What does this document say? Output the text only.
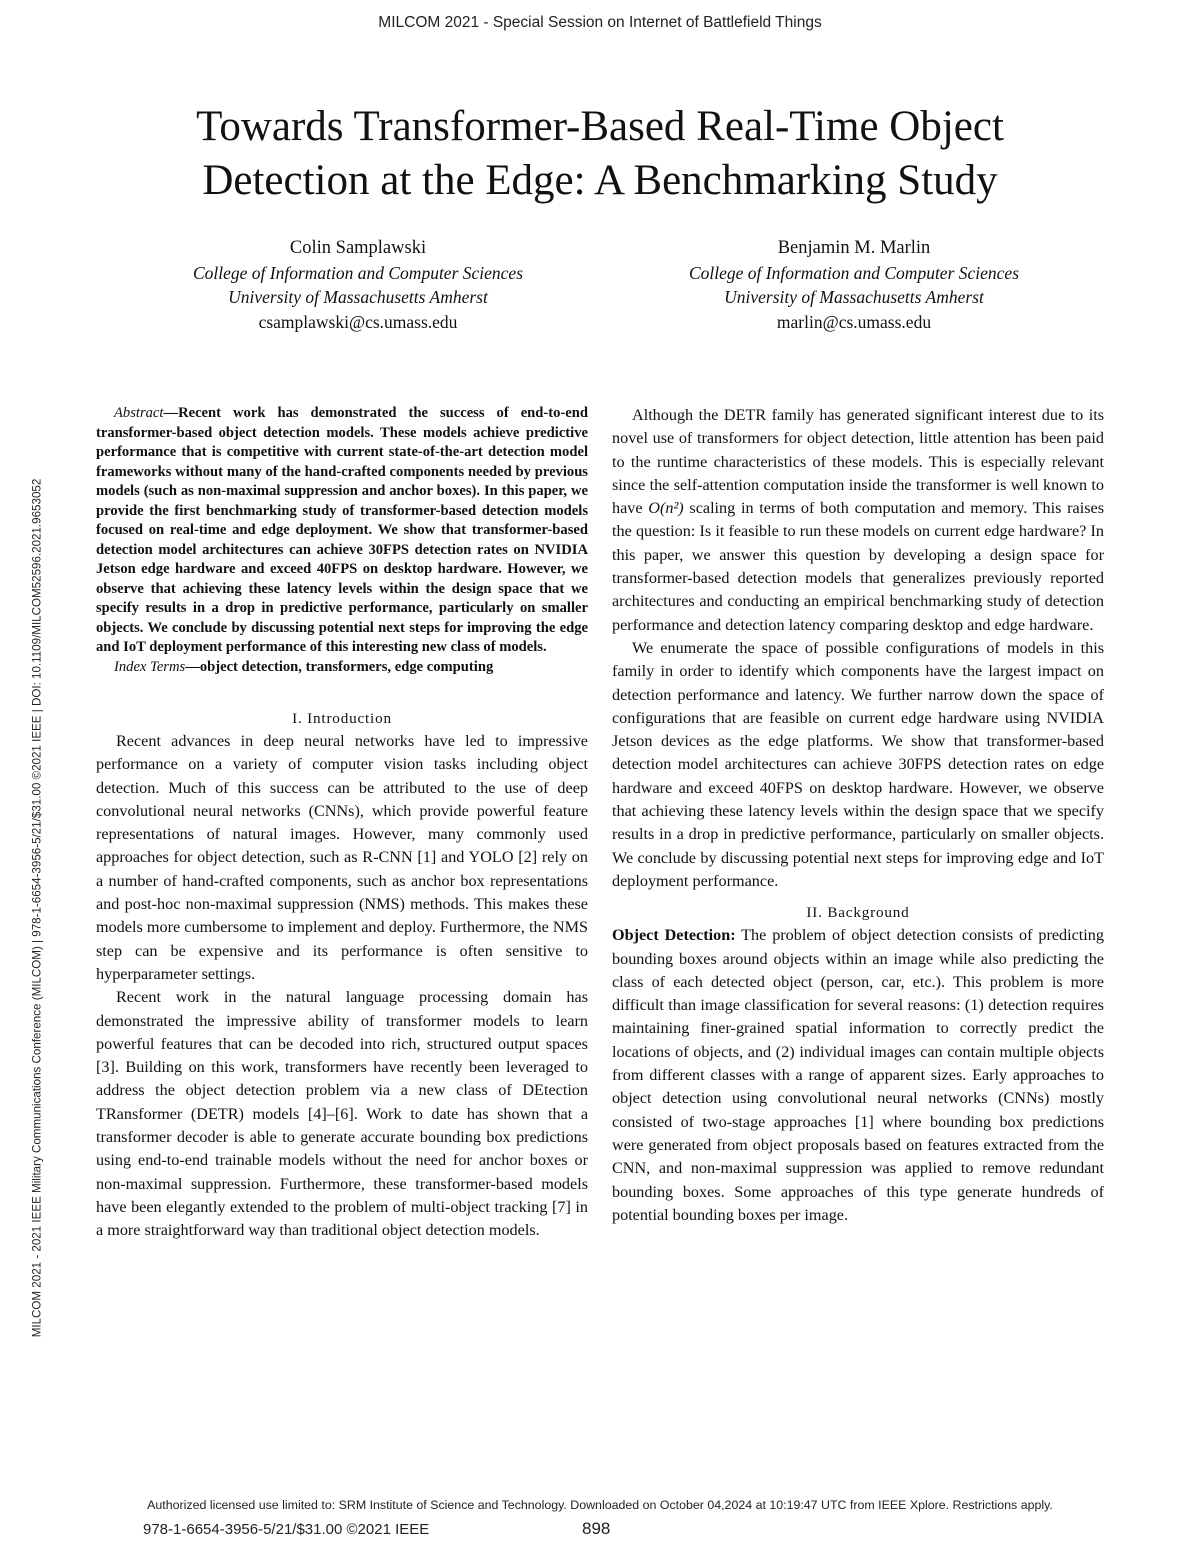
MILCOM 2021 - Special Session on Internet of Battlefield Things
Towards Transformer-Based Real-Time Object
Detection at the Edge: A Benchmarking Study
Colin Samplawski
College of Information and Computer Sciences
University of Massachusetts Amherst
csamplawski@cs.umass.edu
Benjamin M. Marlin
College of Information and Computer Sciences
University of Massachusetts Amherst
marlin@cs.umass.edu
MILCOM 2021 - 2021 IEEE Military Communications Conference (MILCOM) | 978-1-6654-3956-5/21/$31.00 ©2021 IEEE | DOI: 10.1109/MILCOM52596.2021.9653052

Abstract—Recent work has demonstrated the success of end-to-end transformer-based object detection models. These models achieve predictive performance that is competitive with current state-of-the-art detection model frameworks without many of the hand-crafted components needed by previous models (such as non-maximal suppression and anchor boxes). In this paper, we provide the first benchmarking study of transformer-based detection models focused on real-time and edge deployment. We show that transformer-based detection model architectures can achieve 30FPS detection rates on NVIDIA Jetson edge hardware and exceed 40FPS on desktop hardware. However, we observe that achieving these latency levels within the design space that we specify results in a drop in predictive performance, particularly on smaller objects. We conclude by discussing potential next steps for improving the edge and IoT deployment performance of this interesting new class of models.

Index Terms—object detection, transformers, edge computing

I. Introduction

Recent advances in deep neural networks have led to impressive performance on a variety of computer vision tasks including object detection. Much of this success can be attributed to the use of deep convolutional neural networks (CNNs), which provide powerful feature representations of natural images. However, many commonly used approaches for object detection, such as R-CNN [1] and YOLO [2] rely on a number of hand-crafted components, such as anchor box representations and post-hoc non-maximal suppression (NMS) methods. This makes these models more cumbersome to implement and deploy. Furthermore, the NMS step can be expensive and its performance is often sensitive to hyperparameter settings.

Recent work in the natural language processing domain has demonstrated the impressive ability of transformer models to learn powerful features that can be decoded into rich, structured output spaces [3]. Building on this work, transformers have recently been leveraged to address the object detection problem via a new class of DEtection TRansformer (DETR) models [4]–[6]. Work to date has shown that a transformer decoder is able to generate accurate bounding box predictions using end-to-end trainable models without the need for anchor boxes or non-maximal suppression. Furthermore, these transformer-based models have been elegantly extended to the problem of multi-object tracking [7] in a more straightforward way than traditional object detection models.

Although the DETR family has generated significant interest due to its novel use of transformers for object detection, little attention has been paid to the runtime characteristics of these models. This is especially relevant since the self-attention computation inside the transformer is well known to have O(n²) scaling in terms of both computation and memory. This raises the question: Is it feasible to run these models on current edge hardware? In this paper, we answer this question by developing a design space for transformer-based detection models that generalizes previously reported architectures and conducting an empirical benchmarking study of detection performance and detection latency comparing desktop and edge hardware.

We enumerate the space of possible configurations of models in this family in order to identify which components have the largest impact on detection performance and latency. We further narrow down the space of configurations that are feasible on current edge hardware using NVIDIA Jetson devices as the edge platforms. We show that transformer-based detection model architectures can achieve 30FPS detection rates on edge hardware and exceed 40FPS on desktop hardware. However, we observe that achieving these latency levels within the design space that we specify results in a drop in predictive performance, particularly on smaller objects. We conclude by discussing potential next steps for improving edge and IoT deployment performance.

II. Background

Object Detection: The problem of object detection consists of predicting bounding boxes around objects within an image while also predicting the class of each detected object (person, car, etc.). This problem is more difficult than image classification for several reasons: (1) detection requires maintaining finer-grained spatial information to correctly predict the locations of objects, and (2) individual images can contain multiple objects from different classes with a range of apparent sizes. Early approaches to object detection using convolutional neural networks (CNNs) mostly consisted of two-stage approaches [1] where bounding box predictions were generated from object proposals based on features extracted from the CNN, and non-maximal suppression was applied to remove redundant bounding boxes. Some approaches of this type generate hundreds of potential bounding boxes per image.

Authorized licensed use limited to: SRM Institute of Science and Technology. Downloaded on October 04,2024 at 10:19:47 UTC from IEEE Xplore. Restrictions apply.
978-1-6654-3956-5/21/$31.00 ©2021 IEEE	898
